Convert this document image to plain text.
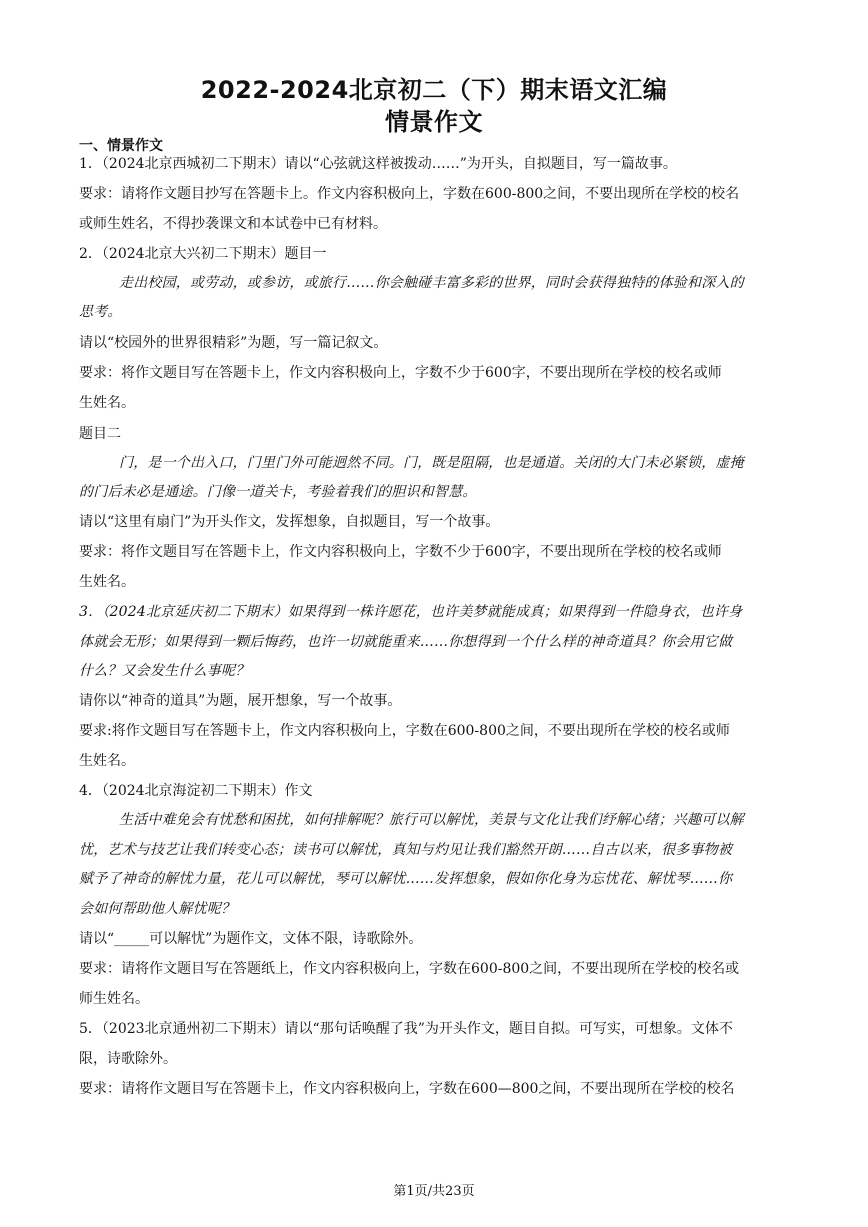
2022-2024北京初二（下）期末语文汇编
情景作文
一、情景作文
1．（2024北京西城初二下期末）请以“心弦就这样被拨动……”为开头，自拟题目，写一篇故事。
要求：请将作文题目抄写在答题卡上。作文内容积极向上，字数在600-800之间，不要出现所在学校的校名
或师生姓名，不得抄袭课文和本试卷中已有材料。
2．（2024北京大兴初二下期末）题目一
走出校园，或劳动，或参访，或旅行……你会触碰丰富多彩的世界，同时会获得独特的体验和深入的
思考。
请以“校园外的世界很精彩”为题，写一篇记叙文。
要求：将作文题目写在答题卡上，作文内容积极向上，字数不少于600字，不要出现所在学校的校名或师
生姓名。
题目二
门，是一个出入口，门里门外可能迥然不同。门，既是阻隔，也是通道。关闭的大门未必紧锁，虚掩
的门后未必是通途。门像一道关卡，考验着我们的胆识和智慧。
请以“这里有扇门”为开头作文，发挥想象，自拟题目，写一个故事。
要求：将作文题目写在答题卡上，作文内容积极向上，字数不少于600字，不要出现所在学校的校名或师
生姓名。
3．（2024北京延庆初二下期末）如果得到一株许愿花，也许美梦就能成真；如果得到一件隐身衣，也许身
体就会无形；如果得到一颗后悔药，也许一切就能重来……你想得到一个什么样的神奇道具？你会用它做
什么？又会发生什么事呢？
请你以“神奇的道具”为题，展开想象，写一个故事。
要求:将作文题目写在答题卡上，作文内容积极向上，字数在600-800之间，不要出现所在学校的校名或师
生姓名。
4．（2024北京海淀初二下期末）作文
生活中难免会有忧愁和困扰，如何排解呢？旅行可以解忧，美景与文化让我们纾解心绪；兴趣可以解
忧，艺术与技艺让我们转变心态；读书可以解忧，真知与灼见让我们豁然开朗……自古以来，很多事物被
赋予了神奇的解忧力量，花儿可以解忧，琴可以解忧……发挥想象，假如你化身为忘忧花、解忧琴……你
会如何帮助他人解忧呢？
请以“_____可以解忧”为题作文，文体不限，诗歌除外。
要求：请将作文题目写在答题纸上，作文内容积极向上，字数在600-800之间，不要出现所在学校的校名或
师生姓名。
5．（2023北京通州初二下期末）请以“那句话唤醒了我”为开头作文，题目自拟。可写实，可想象。文体不
限，诗歌除外。
要求：请将作文题目写在答题卡上，作文内容积极向上，字数在600—800之间，不要出现所在学校的校名
第1页/共23页
